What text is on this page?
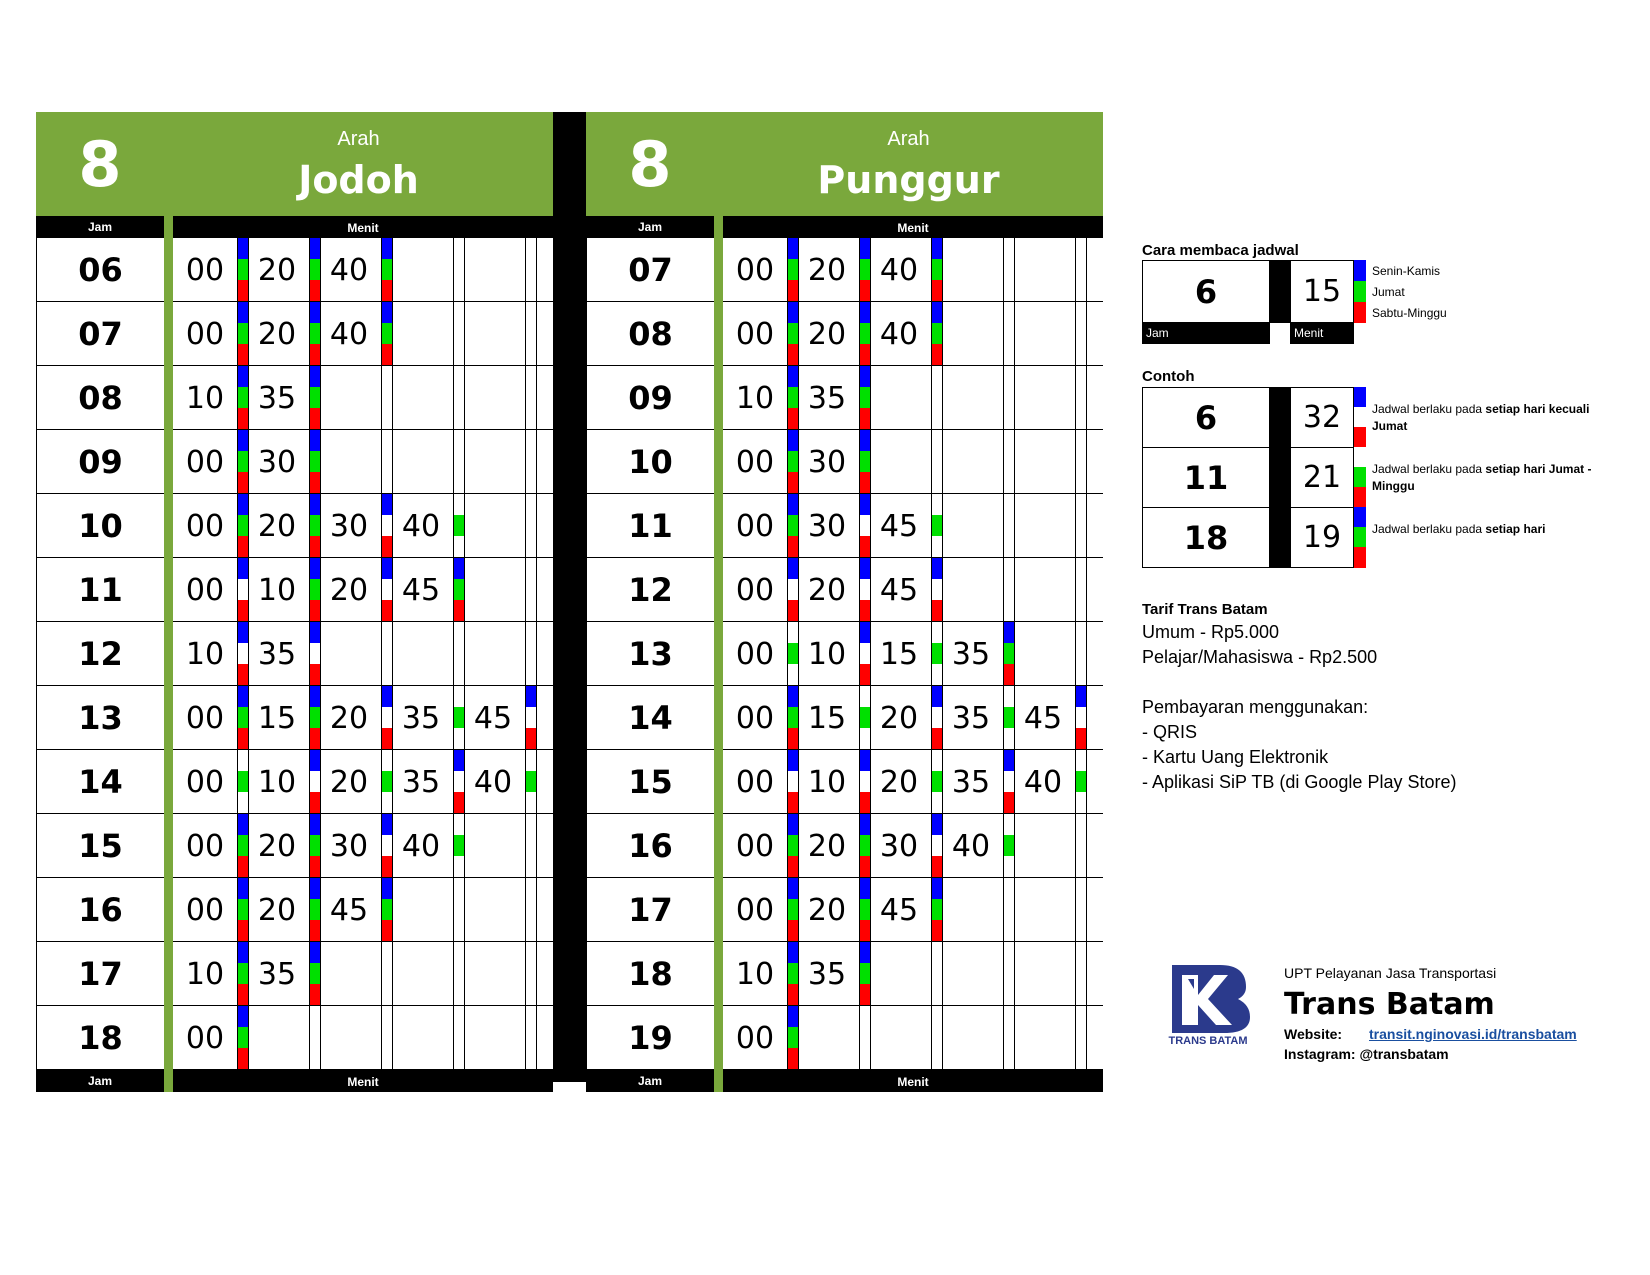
8	Arah
Jodoh
Jam	Menit
06	00	20	40
07	00	20	40
08	10	35
09	00	30
10	00	20	30	40
11	00	10	20	45
12	10	35
13	00	15	20	35	45
14	00	10	20	35	40
15	00	20	30	40
16	00	20	45
17	10	35
18	00
Jam	Menit
8	Arah
Punggur
Jam	Menit
07	00	20	40
08	00	20	40
09	10	35
10	00	30
11	00	30	45
12	00	20	45
13	00	10	15	35
14	00	15	20	35	45
15	00	10	20	35	40
16	00	20	30	40
17	00	20	45
18	10	35
19	00
Jam	Menit
Cara membaca jadwal
6	15
Jam	Menit
Senin-Kamis
Jumat
Sabtu-Minggu
Contoh
6	32	Jadwal berlaku pada setiap hari kecuali Jumat
11	21	Jadwal berlaku pada setiap hari Jumat - Minggu
18	19	Jadwal berlaku pada setiap hari
Tarif Trans Batam
Umum - Rp5.000
Pelajar/Mahasiswa - Rp2.500
Pembayaran menggunakan:
- QRIS
- Kartu Uang Elektronik
- Aplikasi SiP TB (di Google Play Store)
TRANS BATAM
UPT Pelayanan Jasa Transportasi
Trans Batam
Website: transit.nginovasi.id/transbatam
Instagram: @transbatam
